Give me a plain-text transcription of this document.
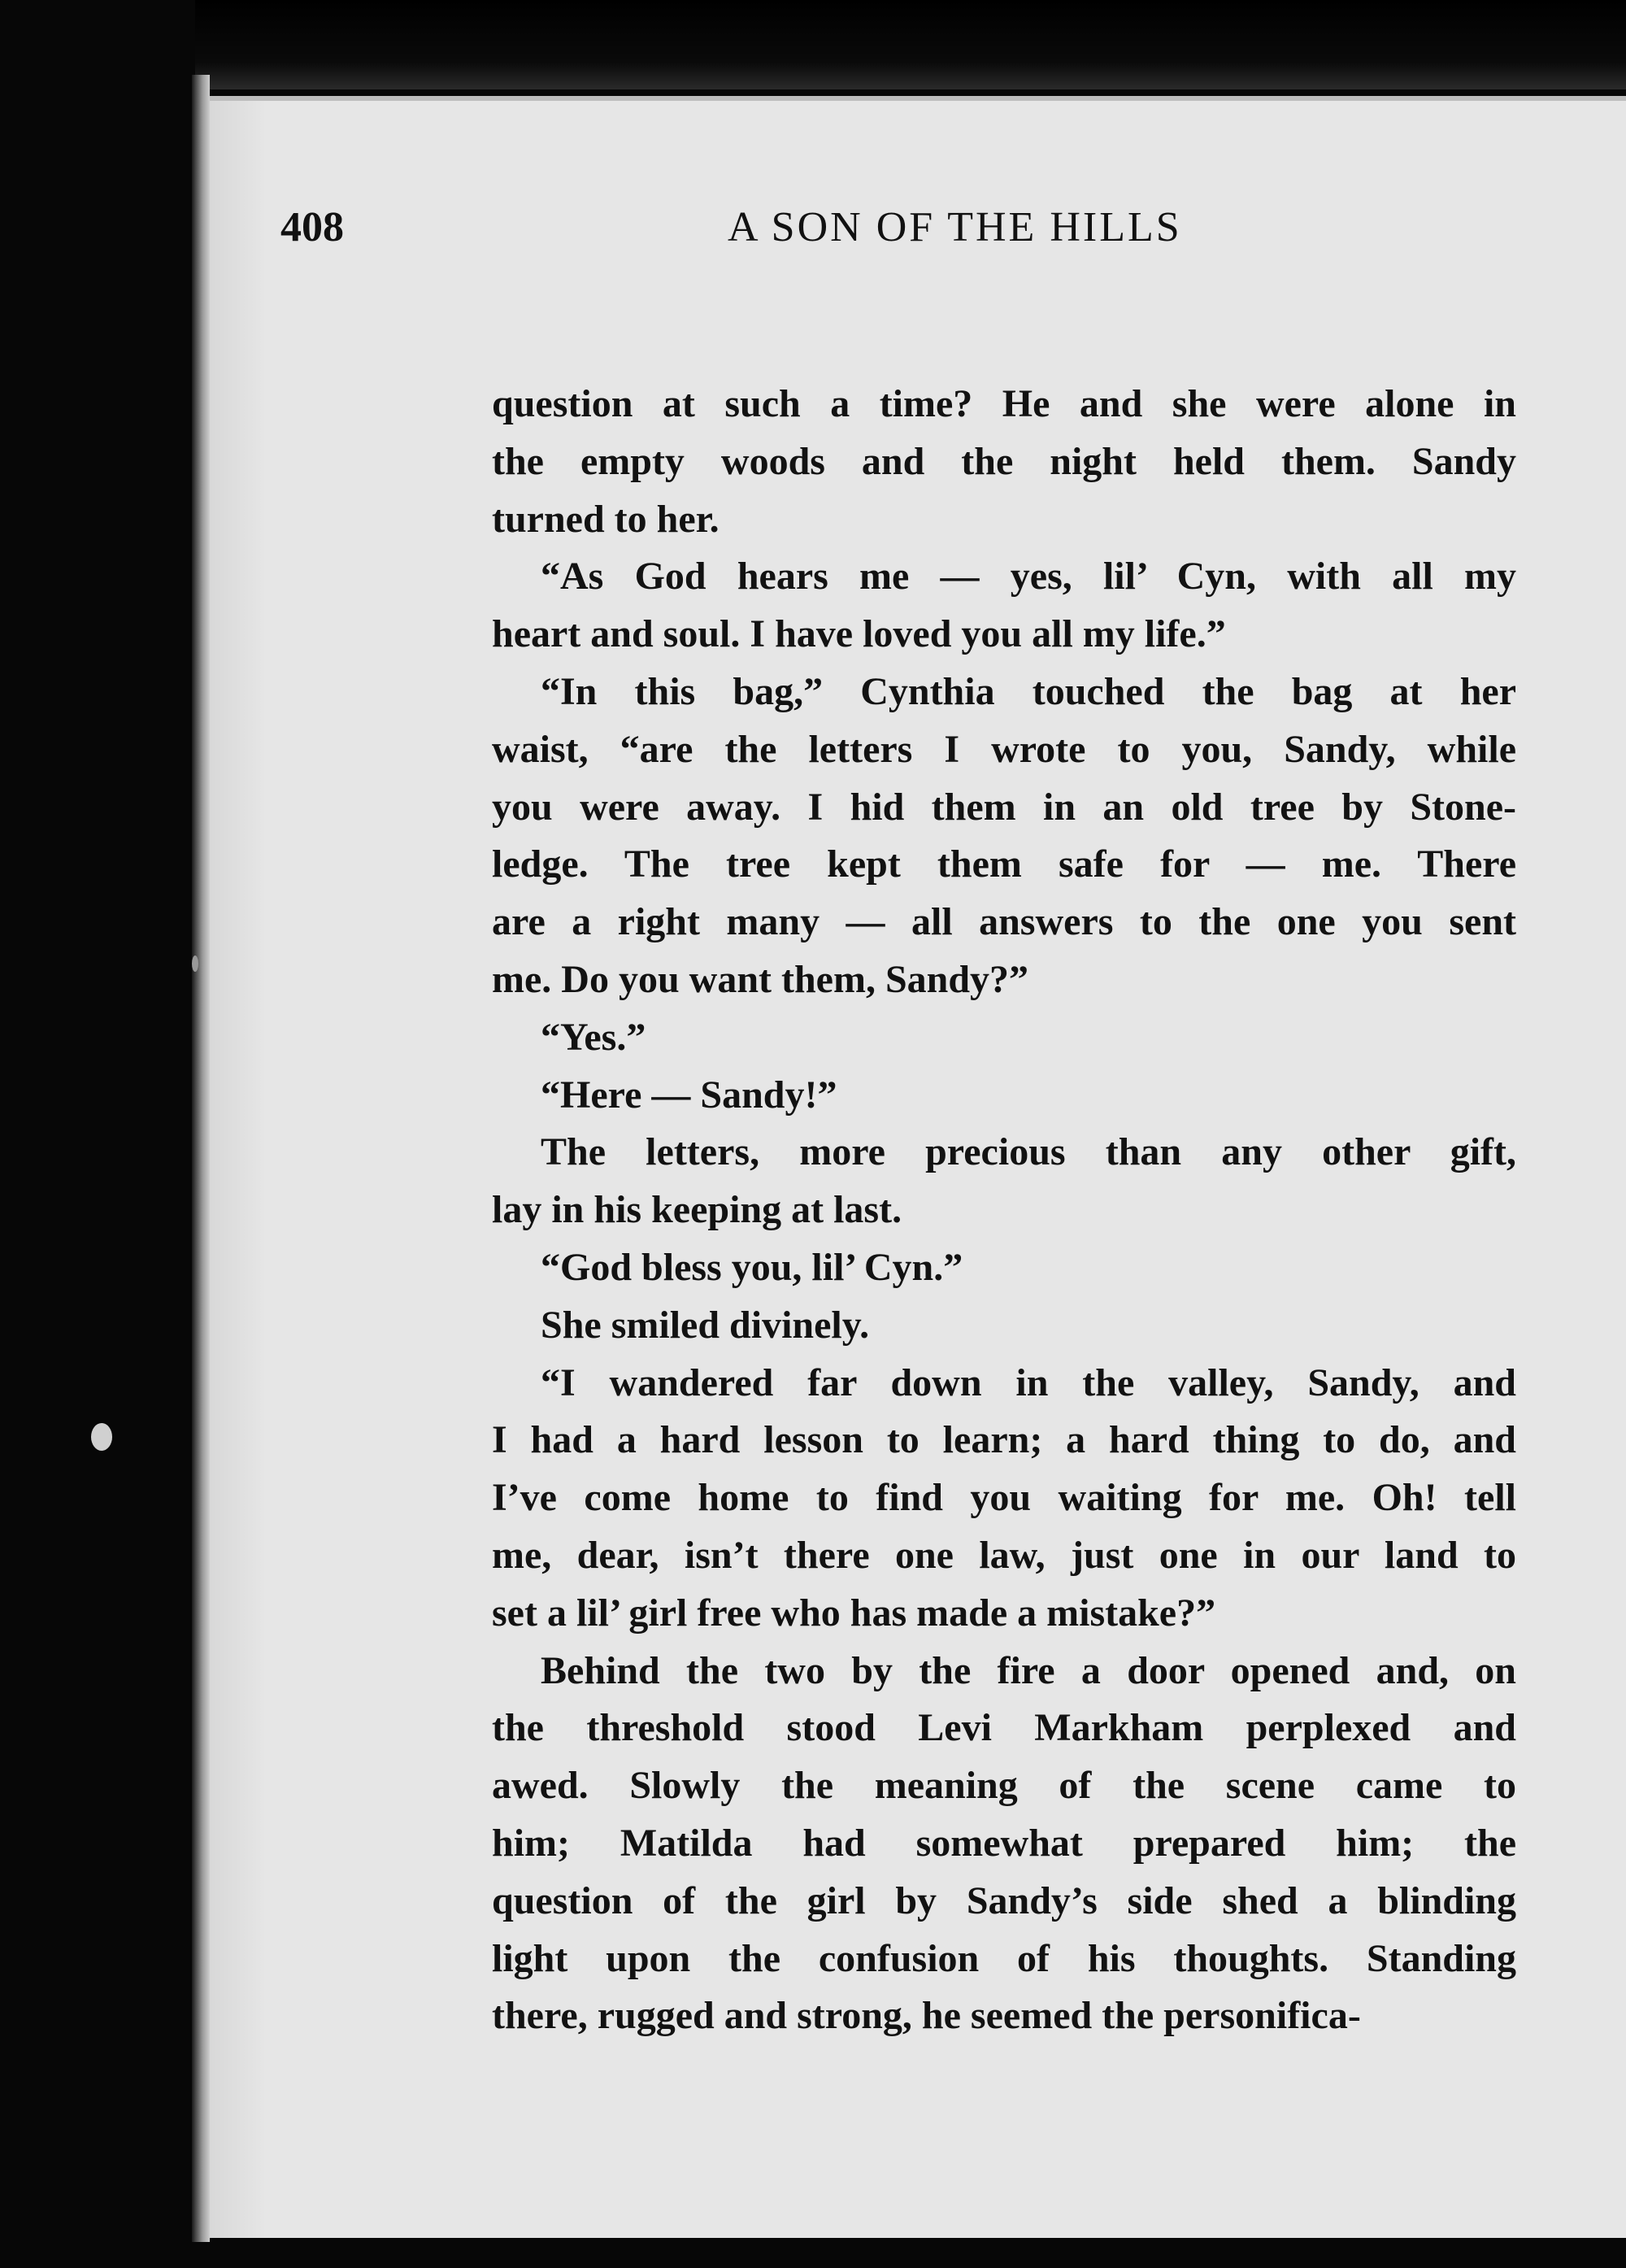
408	A SON OF THE HILLS
question at such a time? He and she were alone in
the empty woods and the night held them. Sandy
turned to her.
“As God hears me — yes, lil’ Cyn, with all my
heart and soul. I have loved you all my life.”
“In this bag,” Cynthia touched the bag at her
waist, “are the letters I wrote to you, Sandy, while
you were away. I hid them in an old tree by Stone-
ledge. The tree kept them safe for — me. There
are a right many — all answers to the one you sent
me. Do you want them, Sandy?”
“Yes.”
“Here — Sandy!”
The letters, more precious than any other gift,
lay in his keeping at last.
“God bless you, lil’ Cyn.”
She smiled divinely.
“I wandered far down in the valley, Sandy, and
I had a hard lesson to learn; a hard thing to do, and
I’ve come home to find you waiting for me. Oh! tell
me, dear, isn’t there one law, just one in our land to
set a lil’ girl free who has made a mistake?”
Behind the two by the fire a door opened and, on
the threshold stood Levi Markham perplexed and
awed. Slowly the meaning of the scene came to
him; Matilda had somewhat prepared him; the
question of the girl by Sandy’s side shed a blinding
light upon the confusion of his thoughts. Standing
there, rugged and strong, he seemed the personifica-
